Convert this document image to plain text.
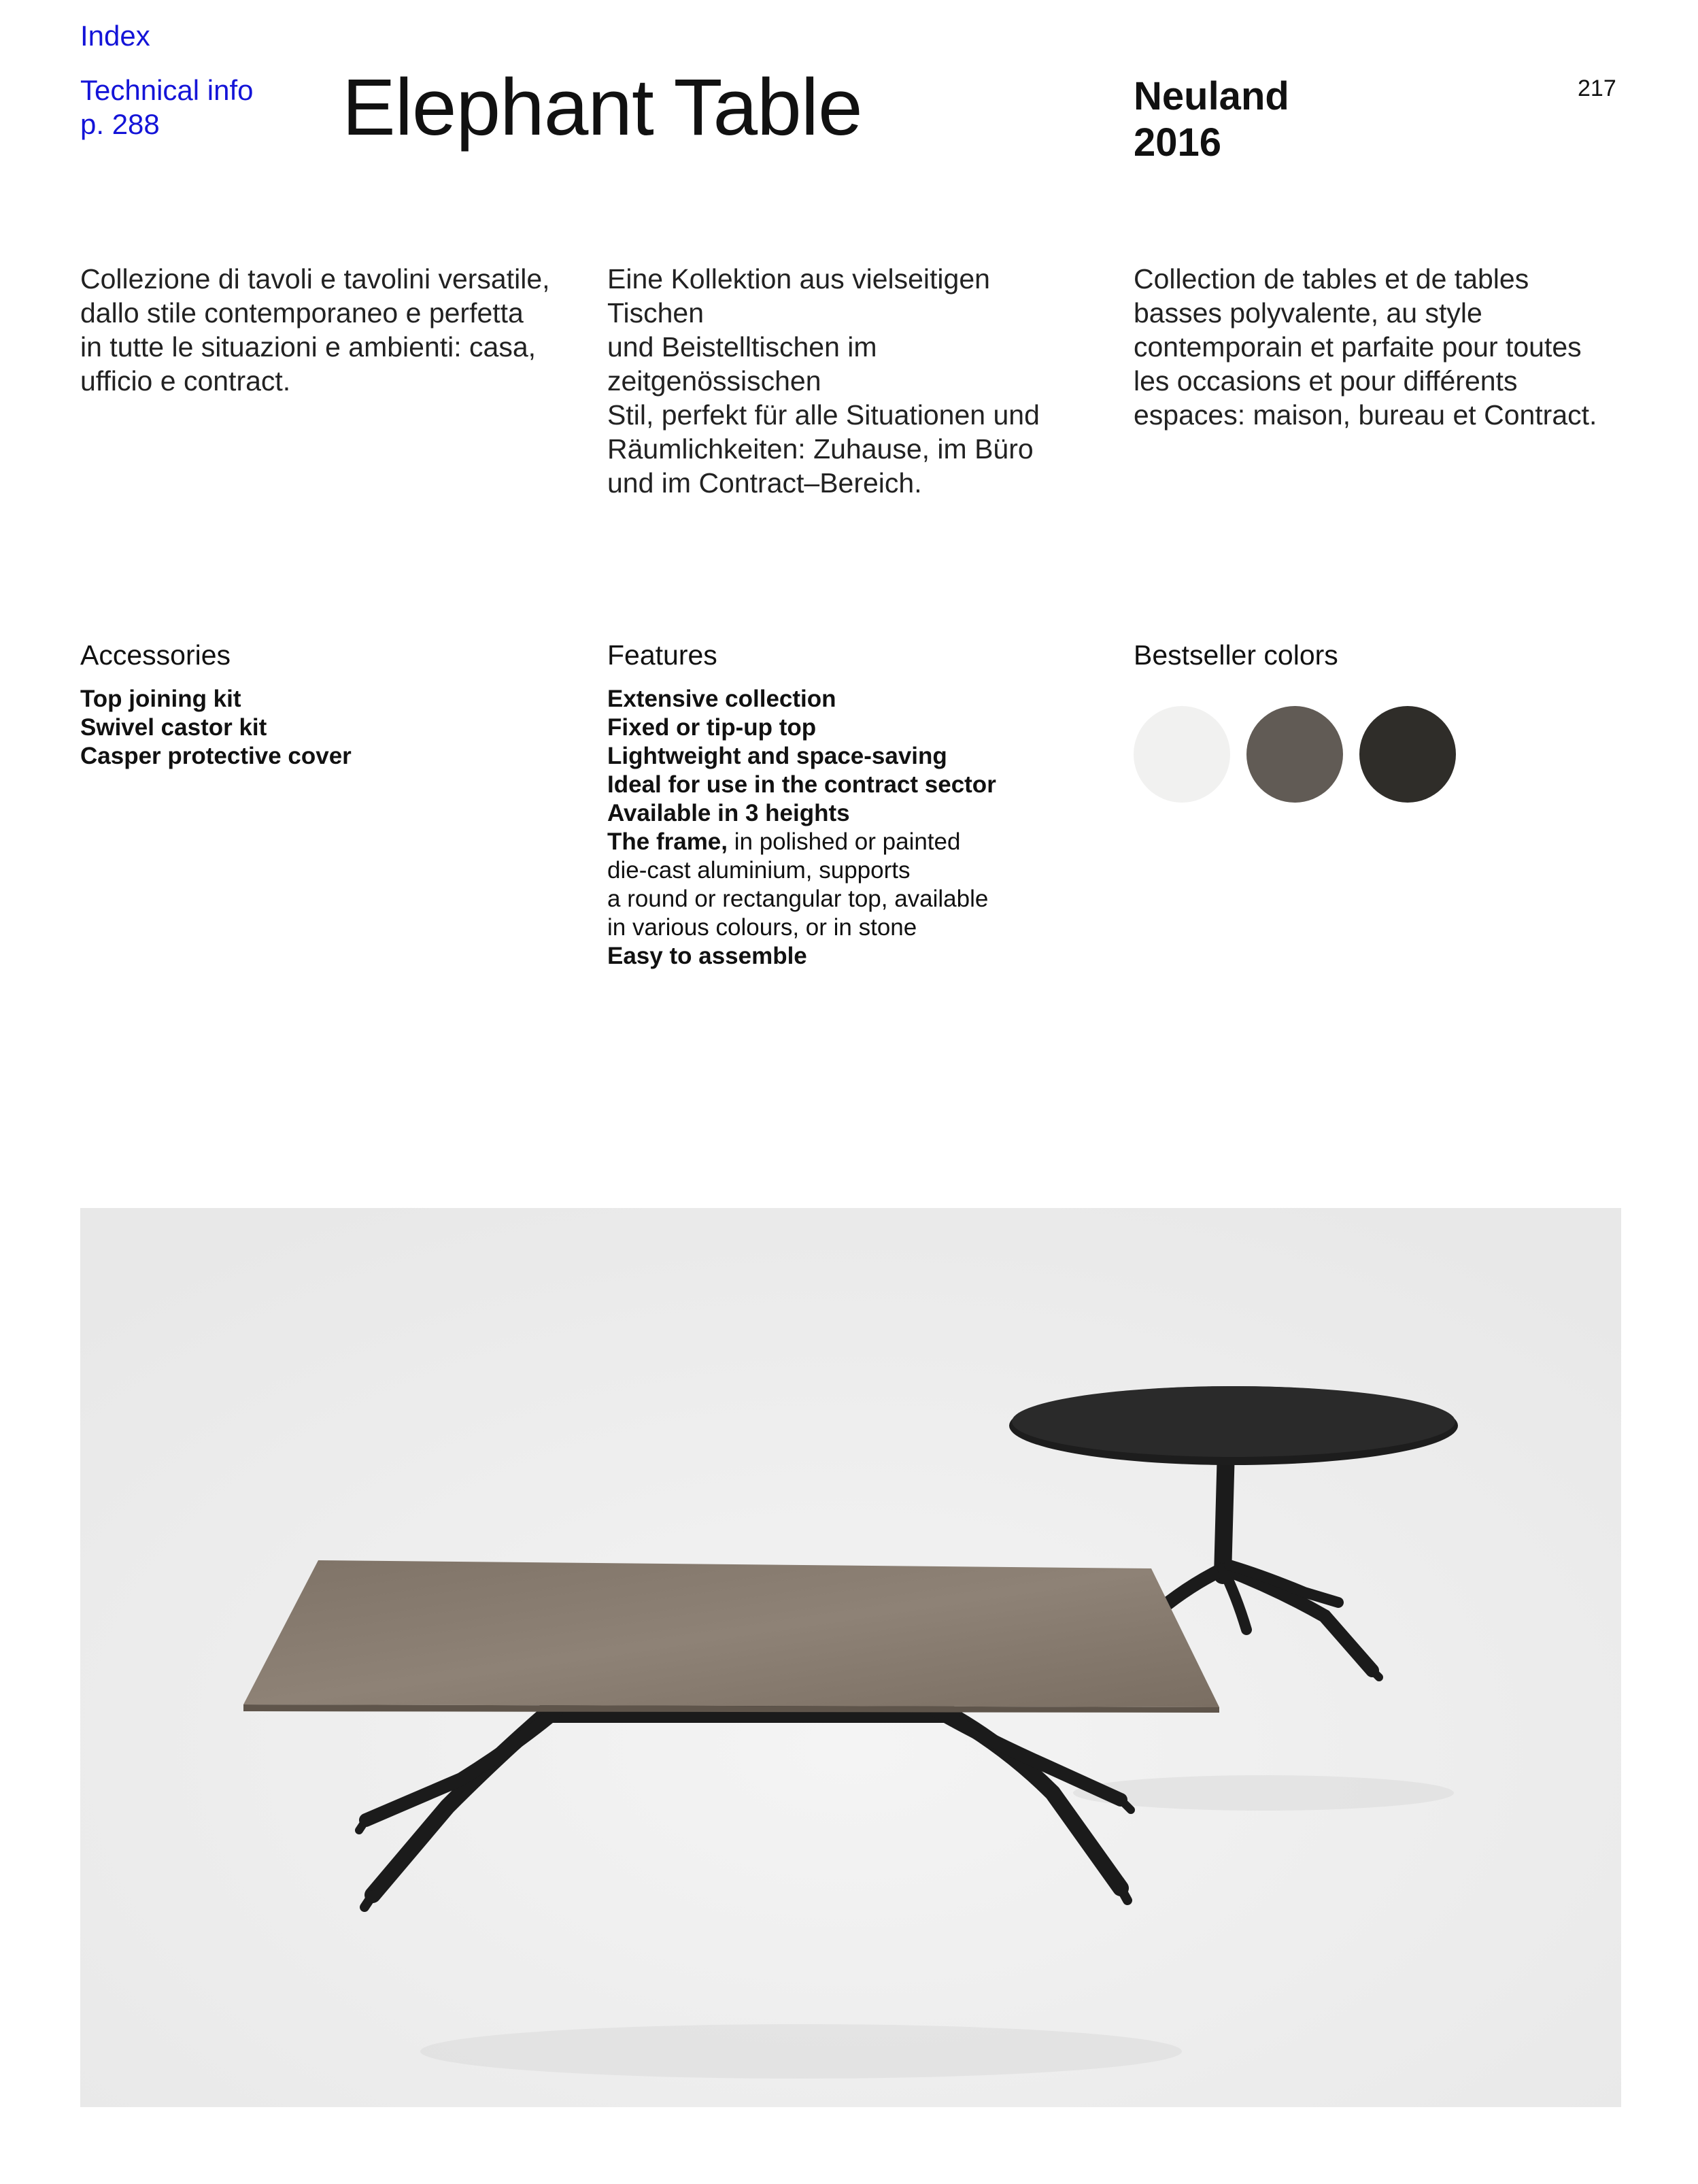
Index
Technical info
p. 288	Elephant Table	Neuland
2016
217
Collezione di tavoli e tavolini versatile,
dallo stile contemporaneo e perfetta
in tutte le situazioni e ambienti: casa,
ufficio e contract.
Eine Kollektion aus vielseitigen Tischen
und Beistelltischen im zeitgenössischen
Stil, perfekt für alle Situationen und
Räumlichkeiten: Zuhause, im Büro
und im Contract–Bereich.
Collection de tables et de tables
basses polyvalente, au style
contemporain et parfaite pour toutes
les occasions et pour différents
espaces: maison, bureau et Contract.
Accessories
Top joining kit
Swivel castor kit
Casper protective cover
Features
Extensive collection
Fixed or tip-up top
Lightweight and space-saving
Ideal for use in the contract sector
Available in 3 heights
The frame, in polished or painted
die-cast aluminium, supports
a round or rectangular top, available
in various colours, or in stone
Easy to assemble
Bestseller colors
